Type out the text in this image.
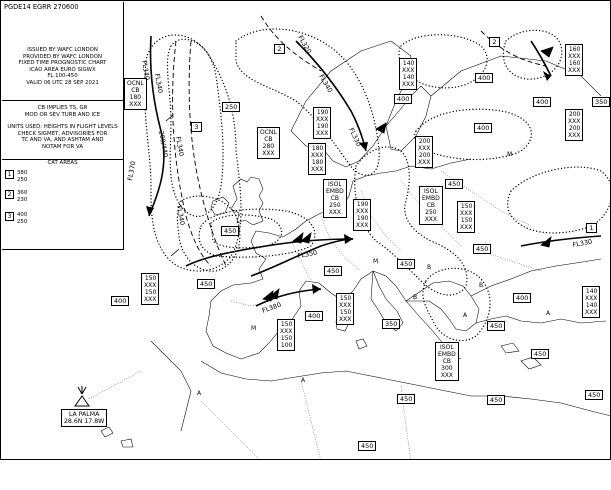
PGDE14 EGRR 270600
ISSUED BY WAFC LONDON
PROVIDED BY WAFC LONDON
FIXED TIME PROGNOSTIC CHART
ICAO AREA EURO SIGWX
FL 100-450
VALID 06 UTC 28 SEP 2021
CB IMPLIES TS, GR
MOD OR SEV TURB AND ICE
UNITS USED: HEIGHTS IN FLIGHT LEVELS
CHECK SIGMET, ADVISORIES FOR
TC AND VA, AND ASHTAM AND
NOTAM FOR VA
CAT AREAS
1 380
250
2 360
230
3 400
250
OCNL
CB
180
XXX
OCNL
CB
280
XXX
ISOL
EMBD
CB
250
XXX
ISOL
EMBD
CB
250
XXX
ISOL
EMBD
CB
300
XXX
140
XXX
140
XXX
160
XXX
160
XXX
200
XXX
200
XXX
190
XXX
190
XXX
200
XXX
200
XXX
180
XXX
180
XXX
190
XXX
190
XXX
150
XXX
150
XXX
150
XXX
150
XXX
150
XXX
150
100
150
XXX
150
XXX
140
XXX
140
XXX
400
250
400	350
400
400
450
450
450
450
450
450
400
400
400
350	450
450
450	450
450
450
2
2
3
1
LA PALMA
28.6N 17.8W
FL340
FL340
FL370
FL340
FL340
FL350
FL380
FL320
FL340
FL330
200/440
FL330
M
M
A
A
A
M
B
B
B
A
